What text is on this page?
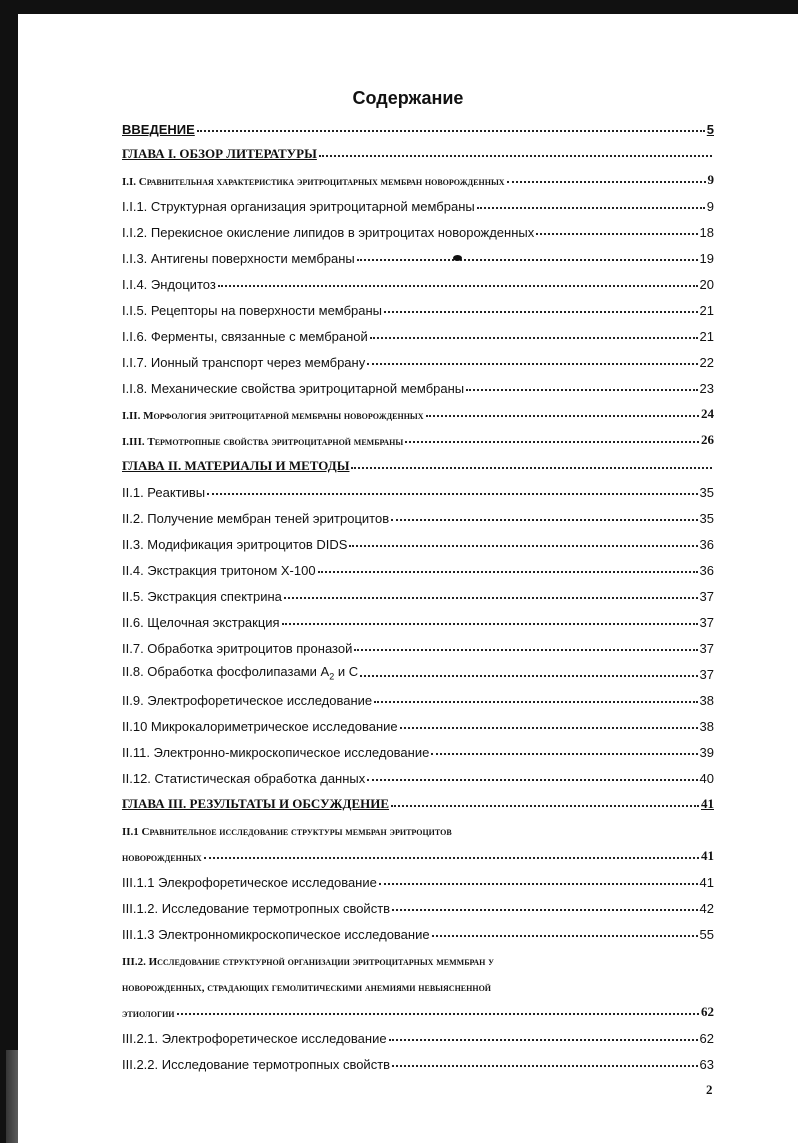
Содержание
ВВЕДЕНИЕ	5
ГЛАВА I. ОБЗОР ЛИТЕРАТУРЫ
I.I. Сравнительная характеристика эритроцитарных мембран новорожденных	9
I.I.1. Структурная организация эритроцитарной мембраны	9
I.I.2. Перекисное окисление липидов в эритроцитах новорожденных	18
I.I.3. Антигены поверхности мембраны	19
I.I.4. Эндоцитоз	20
I.I.5. Рецепторы на поверхности мембраны	21
I.I.6. Ферменты, связанные с мембраной	21
I.I.7. Ионный транспорт через мембрану	22
I.I.8. Механические свойства эритроцитарной мембраны	23
I.II. Морфология эритроцитарной мембраны новорожденных	24
I.III. Термотропные свойства эритроцитарной мембраны	26
ГЛАВА II. МАТЕРИАЛЫ И МЕТОДЫ
II.1. Реактивы	35
II.2. Получение мембран теней эритроцитов	35
II.3. Модификация эритроцитов DIDS	36
II.4. Экстракция тритоном Х-100	36
II.5. Экстракция спектрина	37
II.6. Щелочная экстракция	37
II.7. Обработка эритроцитов проназой	37
II.8. Обработка фосфолипазами $А_2$ и С	37
II.9. Электрофоретическое исследование	38
II.10 Микрокалориметрическое исследование	38
II.11. Электронно-микроскопическое исследование	39
II.12. Статистическая обработка данных	40
ГЛАВА III. РЕЗУЛЬТАТЫ И ОБСУЖДЕНИЕ	41
II.1 Сравнительное исследование структуры мембран эритроцитов
новорожденных	41
III.1.1 Элекрофоретическое исследование	41
III.1.2. Исследование термотропных свойств	42
III.1.3 Электронномикроскопическое исследование	55
III.2. Исследование структурной организации эритроцитарных меммбран у
новорожденных, страдающих гемолитическими анемиями невыясненной
этиологии	62
III.2.1. Электрофоретическое исследование	62
III.2.2. Исследование термотропных свойств	63
2
